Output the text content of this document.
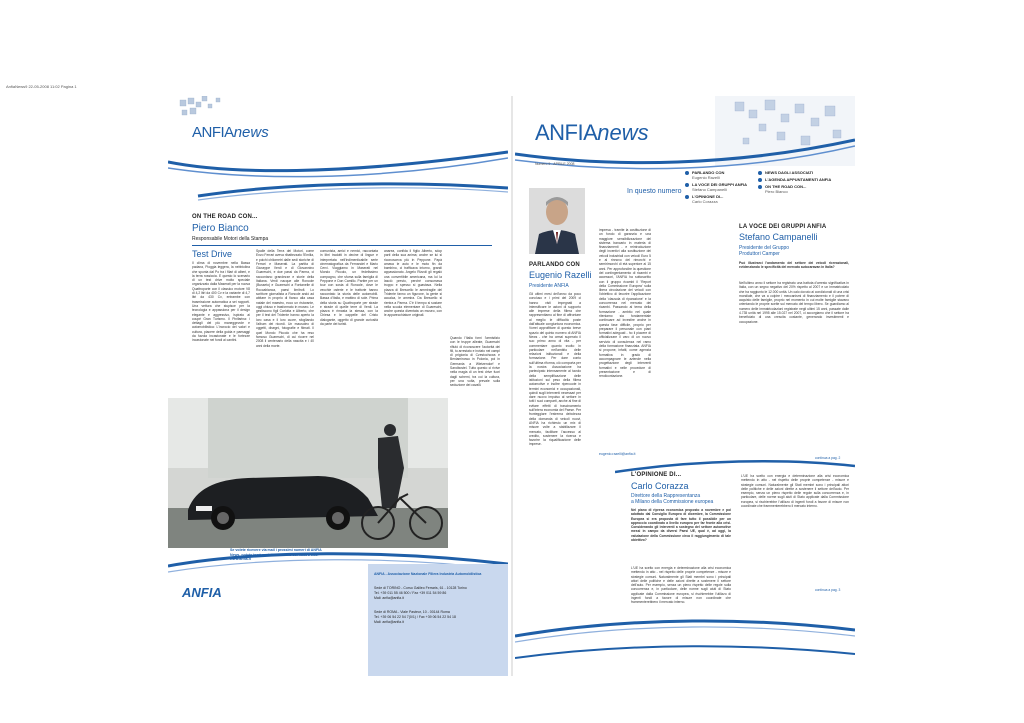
AnfiaNews9 22-05-2008 11:02 Pagina 1
ANFIAnews
ON THE ROAD CON...
Piero Bianco
Responsabile Motori della Stampa
Test Drive
Il clima di novembre nella Bassa padana, Pioggia leggera, la nebbiolina che spunta dal Po tra i filari di alberi, e la terra rossiccia. E questo lo scenario di un test drive molto speciale organizzato dalla Maserati per la nuova Quattroporte con il classico motore V8 di 4,2 litri da 400 Cv e la variante di 4,7 litri da 430 Cv, entrambe con trasmissione automatica a sei rapporti. Una vettura che stupisce per la tecnologia e appassiona per il design elegante e aggressivo, ispirato ai coupé Gran Turismo. Il Pinifarina: i dettagli del più maneggevole e automobilistica: L'incrocio dei valori e cultura, piacere della guida e paesaggi da favola incastonate e le fortezze incastonate nei fondi ai cantini.
Spalle della Terra dei Motori, come Enzo Ferrari aveva ribattezzato l'Emilia, e poichi chilometri dalle sedi storiche di Ferrari e Maserati. La partita di Giuseppe Verdi e di Giovannino Guareschi, e due passi da Parma, ci raccontano grandezze e storie della Italiana. Verdi nacque alle Roncole (Busseto) e Guareschi a Fontanelle di Roccabianca, paesi limitrofi. Lo scrittore giornalista a Roncole andò ad abitare in proprio di fianco alla casa natale del maestro, ecco un ristorante, oggi chiuso e trasformato in museo. Le gestiscono figli Carlotta e Alberto, che per il test del Tridente hanno aperto la loro casa e il loro cuore, sfogliando l'album dei ricordi. Un mausoleo di oggetti, disegni, fotografie e filmati. Il quel Mondo Piccolo che ha reso famoso Guareschi, di cui ricorre nel 2008 il centenario della nascita e i 40 anni della morte.
comunista, amici e nemici, raccontata in libri tradotti in decine di lingue e interpretata nell'indimenticabile serie cinematografica da Fernandel e Mario Cervi. Viaggiamo in Maserati nel Mondo Piccolo, un fedelissimo compagno, che sfuma sulla famiglia di Peppone e Don Camillo. Partire per un tour con sosta di Roncole, dove le vecchie osterie e le trattorie hanno raccontato la storia delle automobili. Bassa d'Italia, e mattino di sole. Prima della storia su Quattroporte per strade e strade di quelle terre di Verdi. La piazza è rimasta la stessa, con la Chiesa e le cappelle del Cristo dialogante, oggetto di grande curiosità da parte dei turisti.
anarea, confida il figlio Alberto, sdop parti della sua anima; anche se lui si riconosceva più in Peppone. Papà amava le auto e le moto fin da bambino, ci trafficava intorno, grandi appassionato. Angelo Rizzoli gli regalò una convertibile americana, ma lui la lasciò presto, perché consumava troppo e spesso si guastava. Nella piazza di Brescello le ammiraglie del Tridente fanno un figurone, la gente si accalca, le ammira. Da Brescello si rientra a Parma. C'è il tempo si sostare nella scuola elementare di Guareschi, anche questa diventata un museo, con le apparecchiature originali.
Quando l'Italia fornì l'armistizio con le truppe alleate, Guareschi rifiutò di riconoscere l'autorità dei fili, tu arrestato e inviato nei campi di prigionia di Czestochowa e Beniaminowo in Polonia, poi in Germania a Wietzendorf e Sandbostel. Tutto questo ci rivive nella magia di un test drive fuori dagli schemi, tra cui la cultura, per una volta, prevale sulla seduzione dei cavalli.
Se volete ricevere via mail i prossimi numeri di ANFIA News, potete iscrivervi direttamente sul nostro sito: www.anfia.it
ANFIA
ANFIA - Associazione Nazionale Filiera Industria Automobilistica
Sede di TORINO - Corso Galileo Ferraris, 61 - 10128 Torino
Tel. +39 011 55 46 500 / Fax +39 011 54 59 86
Mail: anfia@anfia.it
Sede di ROMA - Viale Pasteur, 10 - 00144 Roma
Tel. +39 06 54 22 54 7(0/1) / Fax +39 06 54 22 54 18
Mail: anfia@anfia.it
ANFIAnews
Numero 9 - APRILE 2008
In questo numero
PARLANDO CON
Eugenio Razelli
LA VOCE DEI GRUPPI ANFIA
Stefano Campanelli
L'OPINIONE DI...
Carlo Corazza
NEWS DAGLI ASSOCIATI
L'AGENDA APPUNTAMENTI ANFIA
ON THE ROAD CON...
Piero Bianco
PARLANDO CON
Eugenio Razelli
Presidente ANFIA
Gli ultimi mesi dell'anno da poco concluso e i primi del 2009 ci hanno visti impegnati a intensificare le azioni di supporto alle imprese della filiera che rappresentiamo al fine di affrontare al meglio le difficoltà poste dall'attuale congiuntura economica. Vorrei approfittare di questo breve spazio del quinto numero di ANFIA News - che ha ormai superato il suo primo anno di vita - per commentare quanto svolto in particolare nell'ambito delle relazioni istituzionali e della formazione. Per dare conto sull'ultima riforma, ciò comporta per la nostra Associazione ha partecipato intensamente al tavolo della semplificazione delle istituzioni sul peso della filiera automotive e inoltre ripercuote in termini economici e occupazionali, quindi sugli interventi necessari per dare nuovo impulso al settore in tutti i suoi comparti, anche al fine di evitare effetti di trascinamento sull'intera economia del Paese. Per fronteggiare l'estrema debolezza della domanda di veicoli nuovi, ANFIA ha richiesto un mix di misure volte a stabilizzare il mercato, facilitare l'accesso al credito, sostenere la ricerca e favorire la riqualificazione delle imprese.
impresa - tramite la costituzione di un fondo di garanzia e una maggiore sensibilizzazione del sistema bancario in materia di finanziamenti - e reintroduzione degli incentivi alla sostituzione dei veicoli industriali con veicoli Euro 5 e al rinnovo del rimorchi e semirimorchi di età superiore ai 15 anni. Per approfondire la questione del contingentamento di ricambi e accessori, l'ANFIA ha sottoscritto con il gruppo ricambi il 'Report della Commissione Europea' sulla libera circolazione dei veicoli con l'obiettivo di favorire l'applicazione della 'clausola di riparazione' e la concorrenza nel mercato dei ricambi. Passando al tema della formazione - ambito nel quale riteniamo sia fondamentale continuare ad investire anche in questa fase difficile, proprio per preparare il personale con piani formativi adeguati - ho il piacere di ufficializzare il varo di un nuovo servizio di consulenza nel ramo della formazione finanziata. ANFIA si propone, infatti, come agenzia formativa in grado di accompagnare le aziende nella progettazione degli interventi formativi e nelle procedure di presentazione e di rendicontazione.
eugenio.razelli@anfia.it
LA VOCE DEI GRUPPI ANFIA
Stefano Campanelli
Presidente del Gruppo
Produttori Camper
Può illustrarci l'andamento del settore dei veicoli ricreazionali, evidenziando le specificità del mercato autocaravan in Italia?
Nell'ultimo anno il settore ha registrato una battuta d'arresto significativa in Italia, con un segno negativo del 20% rispetto al 2007 e un immatricolato che ha raggiunto le 12.000 unità. Un calo dovuto ai condizionali di una crisi mondiale, che va a colpire i meccanismi di finanziamento e il potere di acquisto delle famiglie, proprio nel momento in cui molte famiglie stavano orientando le proprie scelte sul mercato del tempo libero. Se guardiamo al numero delle immatricolazioni registrate negli ultimi 15 anni, passate dalle 4.735 unità nel 1995 alle 15.027 nel 2007, ci accorgiamo che il settore ha beneficiato di una crescita costante, generando investimenti e occupazione.
continua a pag. 2
L'OPINIONE DI...
Carlo Corazza
Direttore della Rappresentanza
a Milano della Commissione europea
Nel piano di ripresa economica proposto a novembre e poi adottato dal Consiglio Europeo di dicembre, la Commissione Europea si era proposta di fare tutto il possibile per un approccio coordinato a livello europeo per far fronte alla crisi. Considerando gli interventi a sostegno del settore automotive messi in campo da diversi Paesi UE, qual è, ad oggi, la valutazione della Commissione circa il raggiungimento di tale obiettivo?
L'UE ha scelto con energia e determinazione alla crisi economica mettendo in atto - nel rispetto delle proprie competenze - misure e strategie comuni. Naturalmente gli Stati membri sono i principali attori delle politiche e delle azioni dirette a sostenere il settore dell'auto. Per esempio, senza un pieno rispetto delle regole sulla concorrenza e, in particolare, delle norme sugli aiuti di Stato applicate dalla Commissione europea, si rischierebbe l'utilizzo di ingenti fondi a favore di misure non coordinate che frammenterebbero il mercato interno.
L'UE ha scelto con energia e determinazione alla crisi economica mettendo in atto - nel rispetto delle proprie competenze - misure e strategie comuni. Naturalmente gli Stati membri sono i principali attori delle politiche e delle azioni dirette a sostenere il settore dell'auto. Per esempio, senza un pieno rispetto delle regole sulla concorrenza e, in particolare, delle norme sugli aiuti di Stato applicate dalla Commissione europea, si rischierebbe l'utilizzo di ingenti fondi a favore di misure non coordinate che frammenterebbero il mercato interno.
continua a pag. 3
